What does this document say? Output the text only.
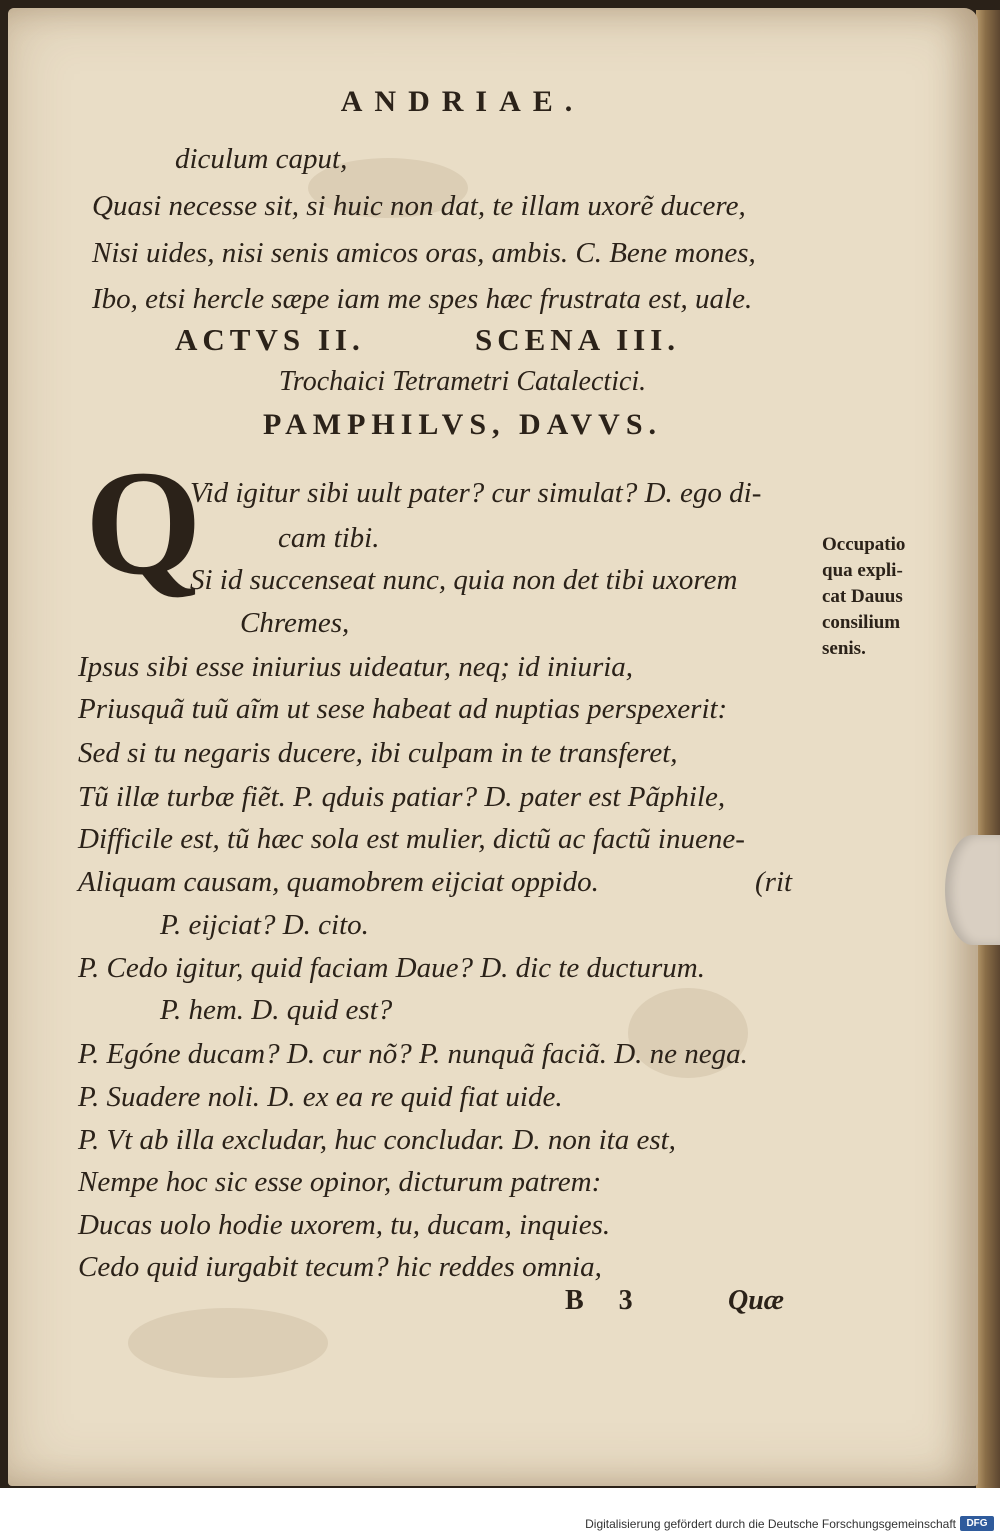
ANDRIAE.
diculum caput,
Quasi necesse sit, si huic non dat, te illam uxorẽ ducere,
Nisi uides, nisi senis amicos oras, ambis. C. Bene mones,
Ibo, etsi hercle sæpe iam me spes hæc frustrata est, uale.
ACTVS II.	SCENA III.
Trochaici Tetrametri Catalectici.
PAMPHILVS, DAVVS.
Q
Vid igitur sibi uult pater? cur simulat? D. ego di-
cam tibi.
Si id succenseat nunc, quia non det tibi uxorem
Chremes,
Ipsus sibi esse iniurius uideatur, neq; id iniuria,
Priusquã tuũ aĩm ut sese habeat ad nuptias perspexerit:
Sed si tu negaris ducere, ibi culpam in te transferet,
Tũ illæ turbæ fiẽt. P. qduis patiar? D. pater est Pãphile,
Difficile est, tũ hæc sola est mulier, dictũ ac factũ inuene-
Aliquam causam, quamobrem eijciat oppido.	(rit
P. eijciat? D. cito.
P. Cedo igitur, quid faciam Daue? D. dic te ducturum.
P. hem. D. quid est?
P. Egóne ducam? D. cur nõ? P. nunquã faciã. D. ne nega.
P. Suadere noli. D. ex ea re quid fiat uide.
P. Vt ab illa excludar, huc concludar. D. non ita est,
Nempe hoc sic esse opinor, dicturum patrem:
Ducas uolo hodie uxorem, tu, ducam, inquies.
Cedo quid iurgabit tecum? hic reddes omnia,
Occupatio
qua expli-
cat Dauus
consilium
senis.
B 3	Quæ
Digitalisierung gefördert durch die Deutsche Forschungsgemeinschaft	DFG
